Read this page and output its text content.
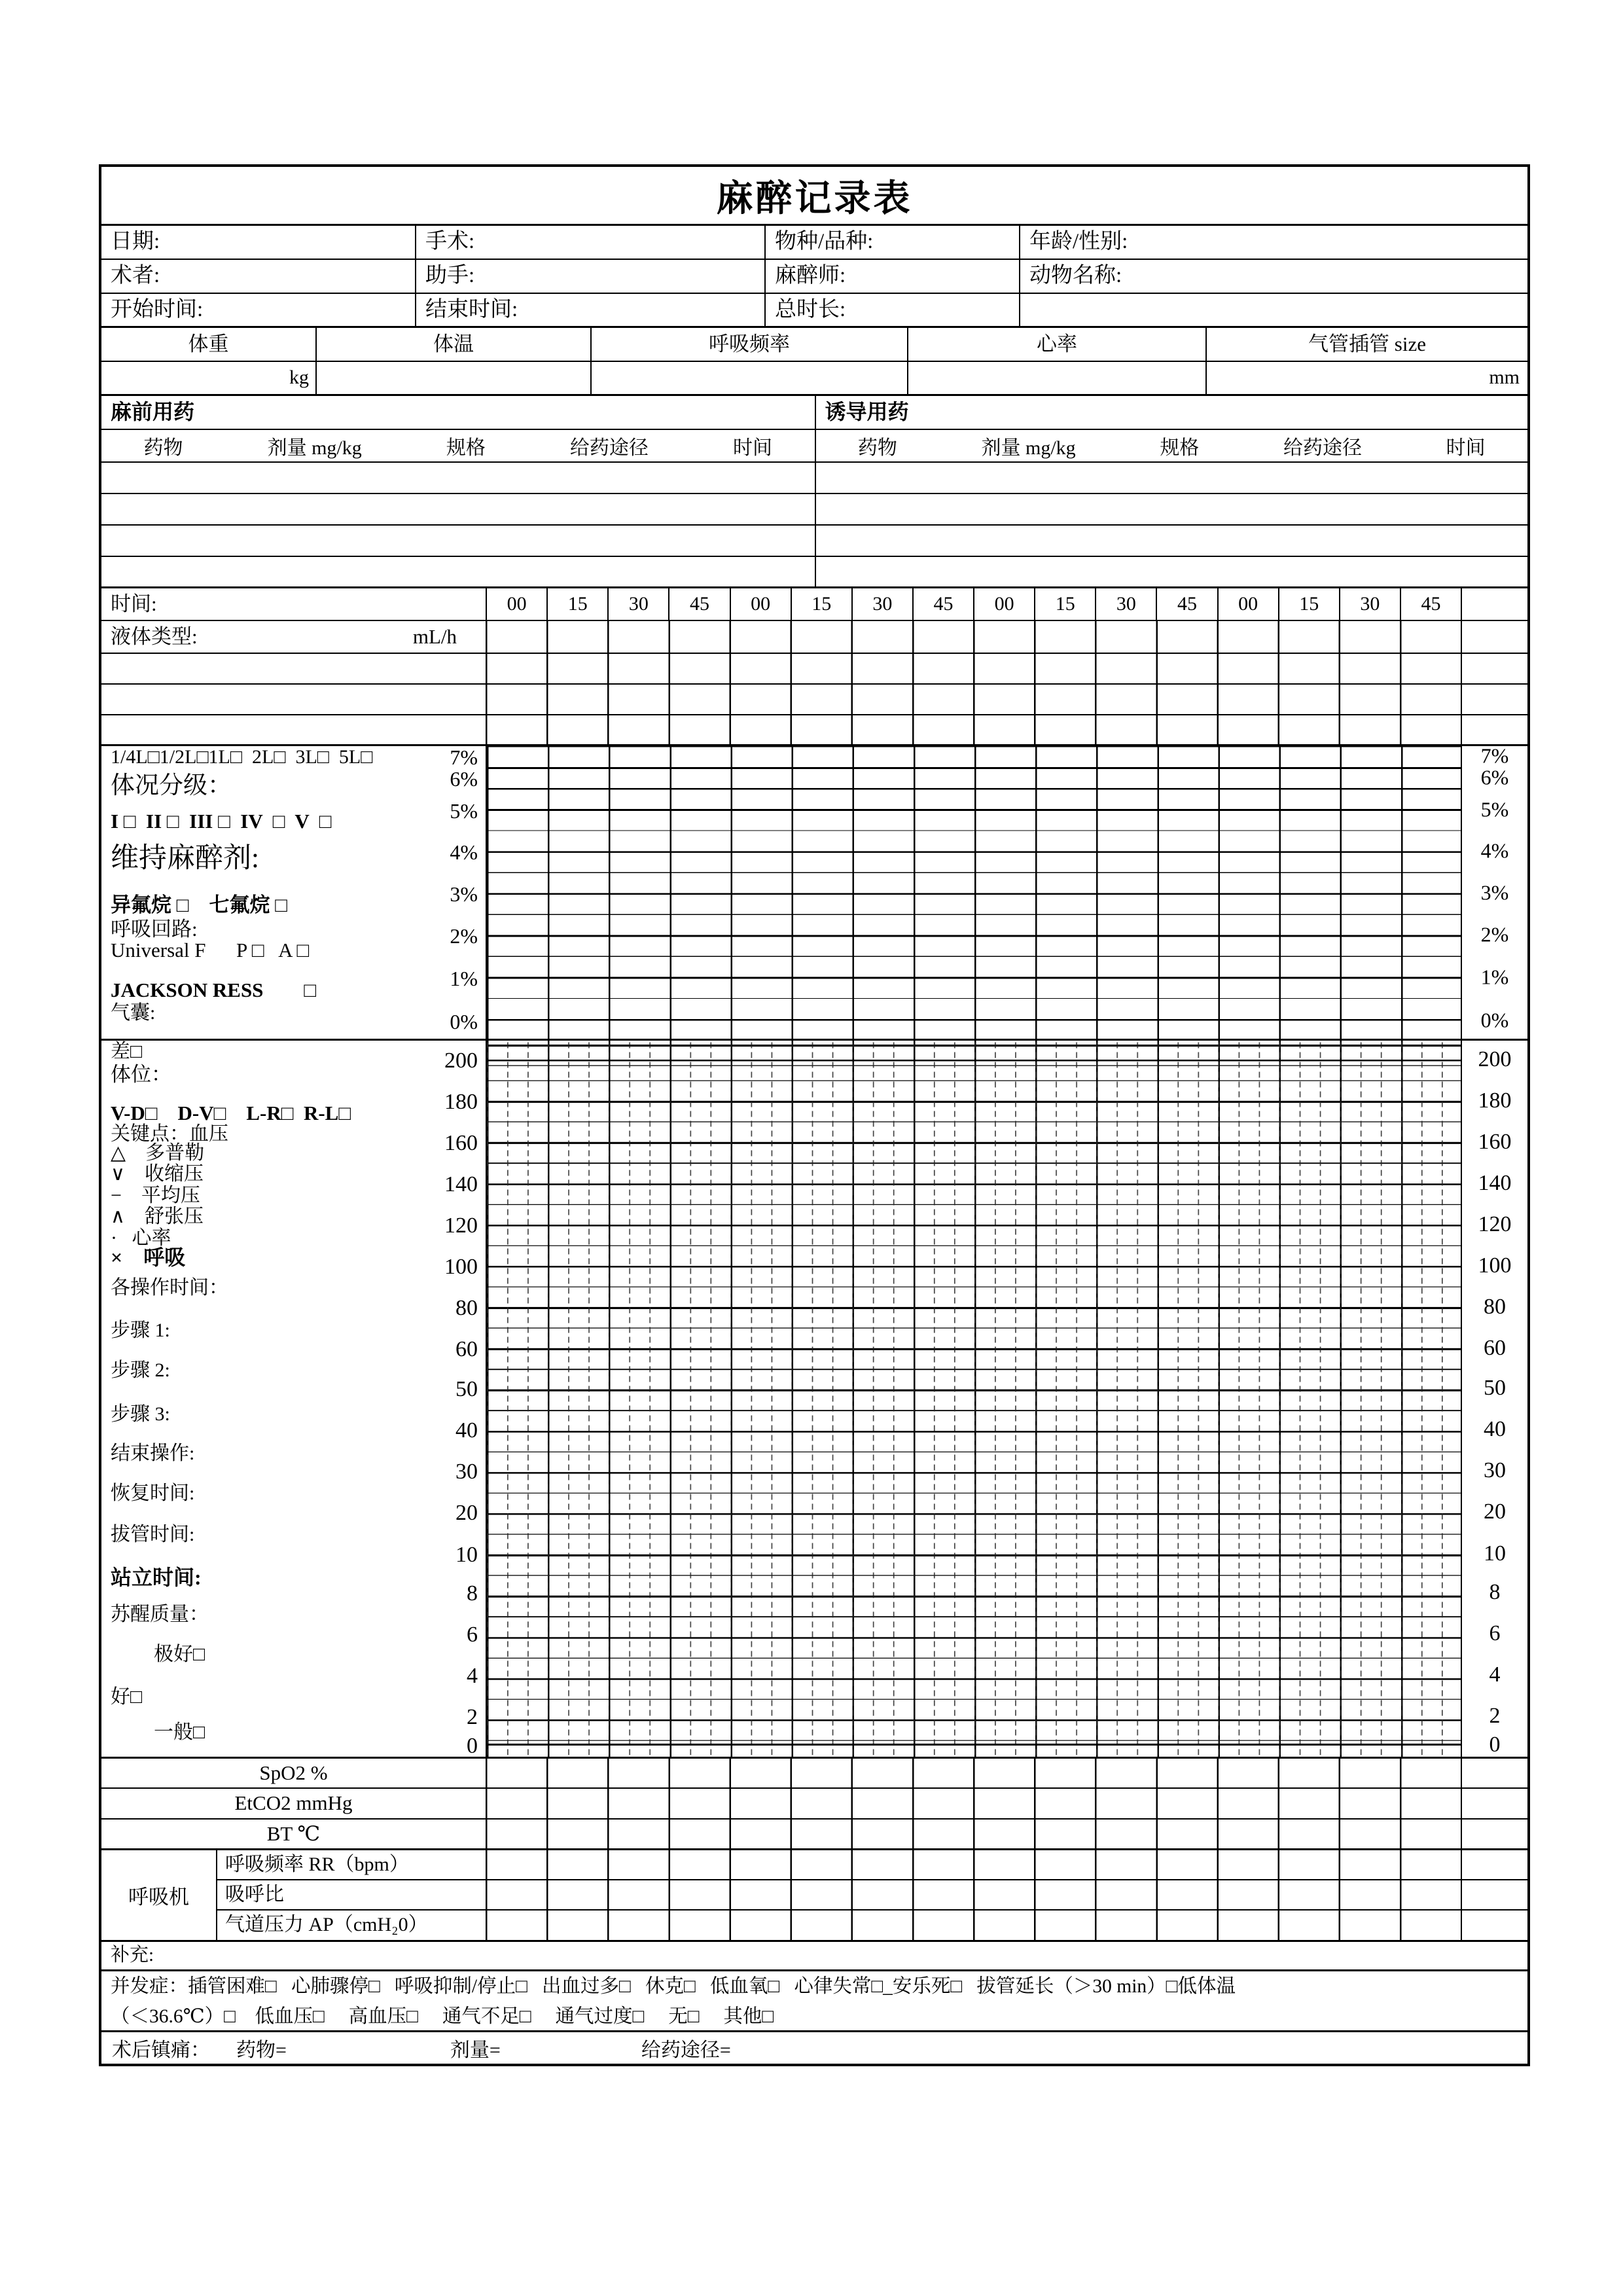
麻醉记录表
日期:	手术:	物种/品种:	年龄/性别:
术者:	助手:	麻醉师:	动物名称:
开始时间:	结束时间:	总时长:
体重	体温	呼吸频率	心率	气管插管 size
kg	mm
麻前用药	诱导用药
药物	剂量 mg/kg	规格	给药途径	时间	药物	剂量 mg/kg	规格	给药途径	时间
时间:	00	15	30	45	00	15	30	45	00	15	30	45	00	15	30	45
液体类型:	mL/h
7%
6%
5%
4%
3%
2%
1%
0%
体况分级：
I □  II □  III □  IV  □  V  □
维持麻醉剂:
异氟烷 □    七氟烷 □
呼吸回路:
Universal F      P □   A □
JACKSON RESS        □
气囊:
1/4L□1/2L□1L□  2L□  3L□  5L□	7%
6%
5%
4%
3%
2%
1%
0%
200
180
160
140
120
100
80
60
50
40
30
20
10
8
6
4
2
0
体位：
V-D□    D-V□    L-R□  R-L□
关键点：血压
△    多普勒
∨    收缩压
−    平均压
∧    舒张压
·   心率
×    呼吸
各操作时间：
步骤 1:
步骤 2:
步骤 3:
结束操作:
恢复时间:
拔管时间:
站立时间:
苏醒质量：
极好□
好□
一般□
差□	200
180
160
140
120
100
80
60
50
40
30
20
10
8
6
4
2
0
SpO2 %
EtCO2 mmHg
BT ℃
呼吸机
呼吸频率 RR（bpm）
吸呼比
气道压力 AP（cmH₂0）
补充:
并发症：插管困难□   心肺骤停□   呼吸抑制/停止□   出血过多□   休克□   低血氧□   心律失常□_安乐死□   拔管延长（＞30 min）□低体温
（＜36.6℃）□    低血压□     高血压□     通气不足□     通气过度□     无□     其他□
术后镇痛： 药物=	剂量=	给药途径=
